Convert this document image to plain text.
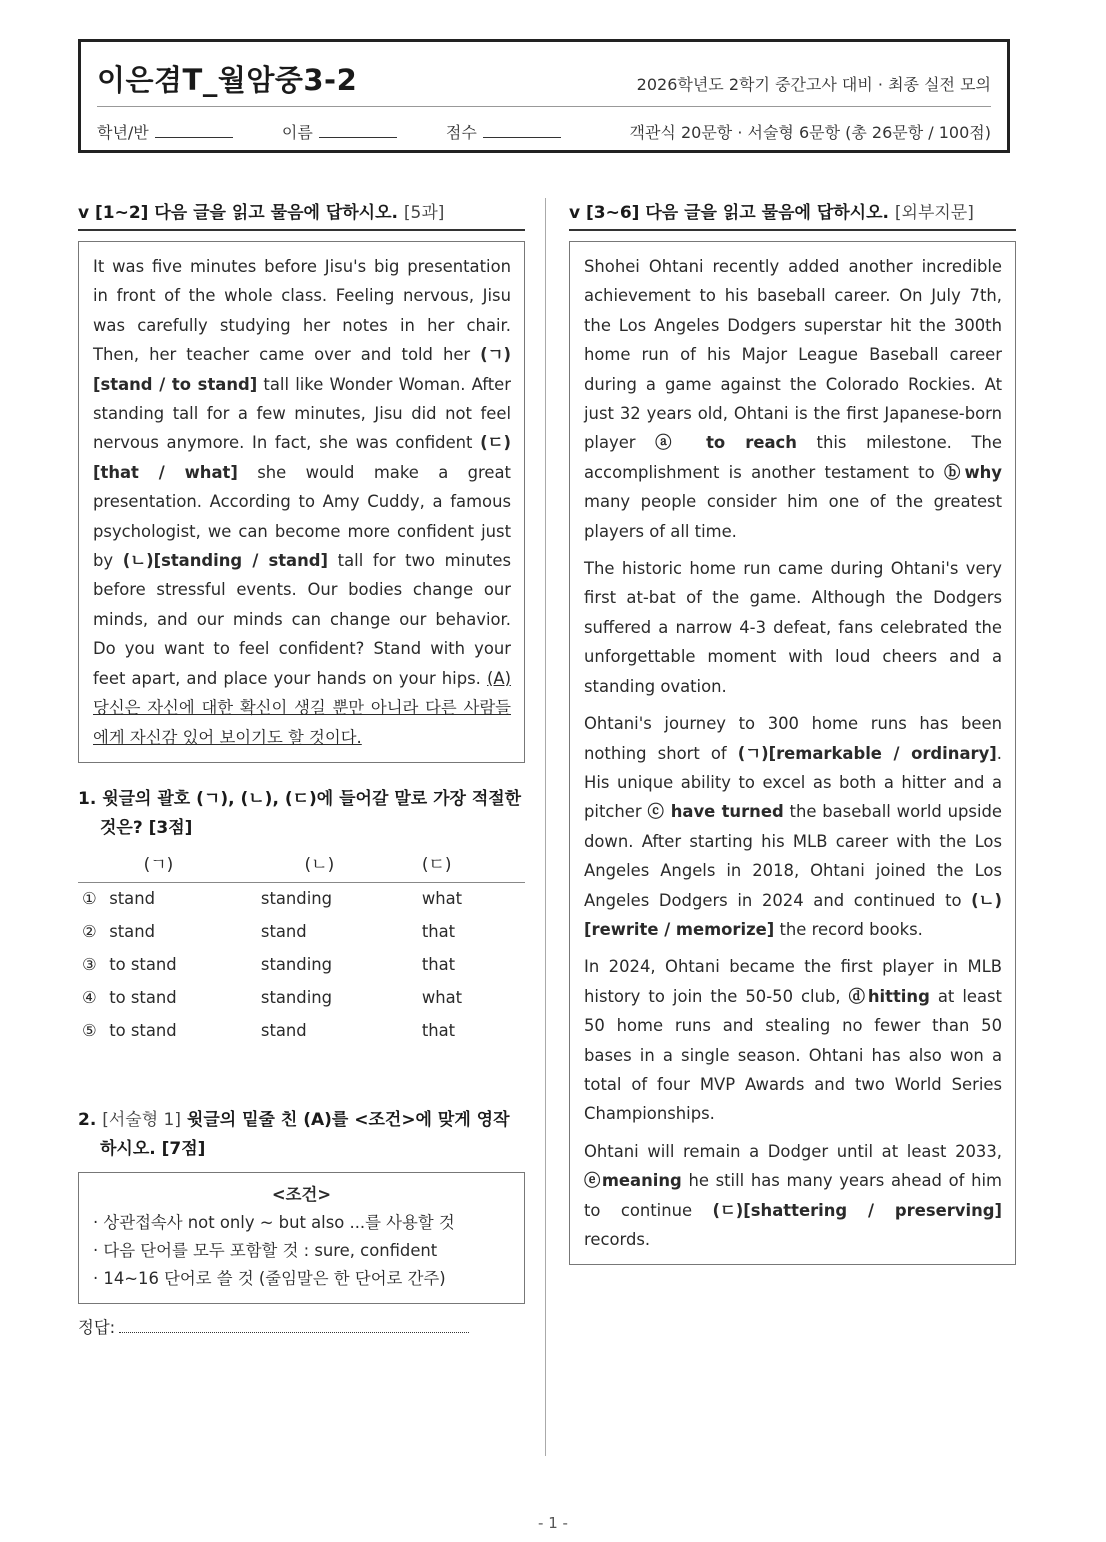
이은겸T_월암중3-2	2026학년도 2학기 중간고사 대비 · 최종 실전 모의
학년/반	이름	점수	객관식 20문항 · 서술형 6문항 (총 26문항 / 100점)
v [1~2] 다음 글을 읽고 물음에 답하시오. [5과]

It was five minutes before Jisu's big presentation in front of the whole class. Feeling nervous, Jisu was carefully studying her notes in her chair. Then, her teacher came over and told her (ㄱ) [stand / to stand] tall like Wonder Woman. After standing tall for a few minutes, Jisu did not feel nervous anymore. In fact, she was confident (ㄷ) [that / what] she would make a great presentation. According to Amy Cuddy, a famous psychologist, we can become more confident just by (ㄴ)[standing / stand] tall for two minutes before stressful events. Our bodies change our minds, and our minds can change our behavior. Do you want to feel confident? Stand with your feet apart, and place your hands on your hips. (A)당신은 자신에 대한 확신이 생길 뿐만 아니라 다른 사람들에게 자신감 있어 보이기도 할 것이다.

1. 윗글의 괄호 (ㄱ), (ㄴ), (ㄷ)에 들어갈 말로 가장 적절한 것은? [3점]
(ㄱ)	(ㄴ)	(ㄷ)
① stand	standing	what
② stand	stand	that
③ to stand	standing	that
④ to stand	standing	what
⑤ to stand	stand	that
2. [서술형 1] 윗글의 밑줄 친 (A)를 <조건>에 맞게 영작하시오. [7점]
<조건>
· 상관접속사 not only ~ but also ...를 사용할 것
· 다음 단어를 모두 포함할 것 : sure, confident
· 14~16 단어로 쓸 것 (줄임말은 한 단어로 간주)
정답:
v [3~6] 다음 글을 읽고 물음에 답하시오. [외부지문]

Shohei Ohtani recently added another incredible achievement to his baseball career. On July 7th, the Los Angeles Dodgers superstar hit the 300th home run of his Major League Baseball career during a game against the Colorado Rockies. At just 32 years old, Ohtani is the first Japanese-born player ⓐ to reach this milestone. The accomplishment is another testament to ⓑwhy many people consider him one of the greatest players of all time.

The historic home run came during Ohtani's very first at-bat of the game. Although the Dodgers suffered a narrow 4-3 defeat, fans celebrated the unforgettable moment with loud cheers and a standing ovation.

Ohtani's journey to 300 home runs has been nothing short of (ㄱ)[remarkable / ordinary]. His unique ability to excel as both a hitter and a pitcher ⓒ have turned the baseball world upside down. After starting his MLB career with the Los Angeles Angels in 2018, Ohtani joined the Los Angeles Dodgers in 2024 and continued to (ㄴ)[rewrite / memorize] the record books.

In 2024, Ohtani became the first player in MLB history to join the 50-50 club, ⓓhitting at least 50 home runs and stealing no fewer than 50 bases in a single season. Ohtani has also won a total of four MVP Awards and two World Series Championships.

Ohtani will remain a Dodger until at least 2033, ⓔmeaning he still has many years ahead of him to continue (ㄷ)[shattering / preserving] records.

- 1 -
